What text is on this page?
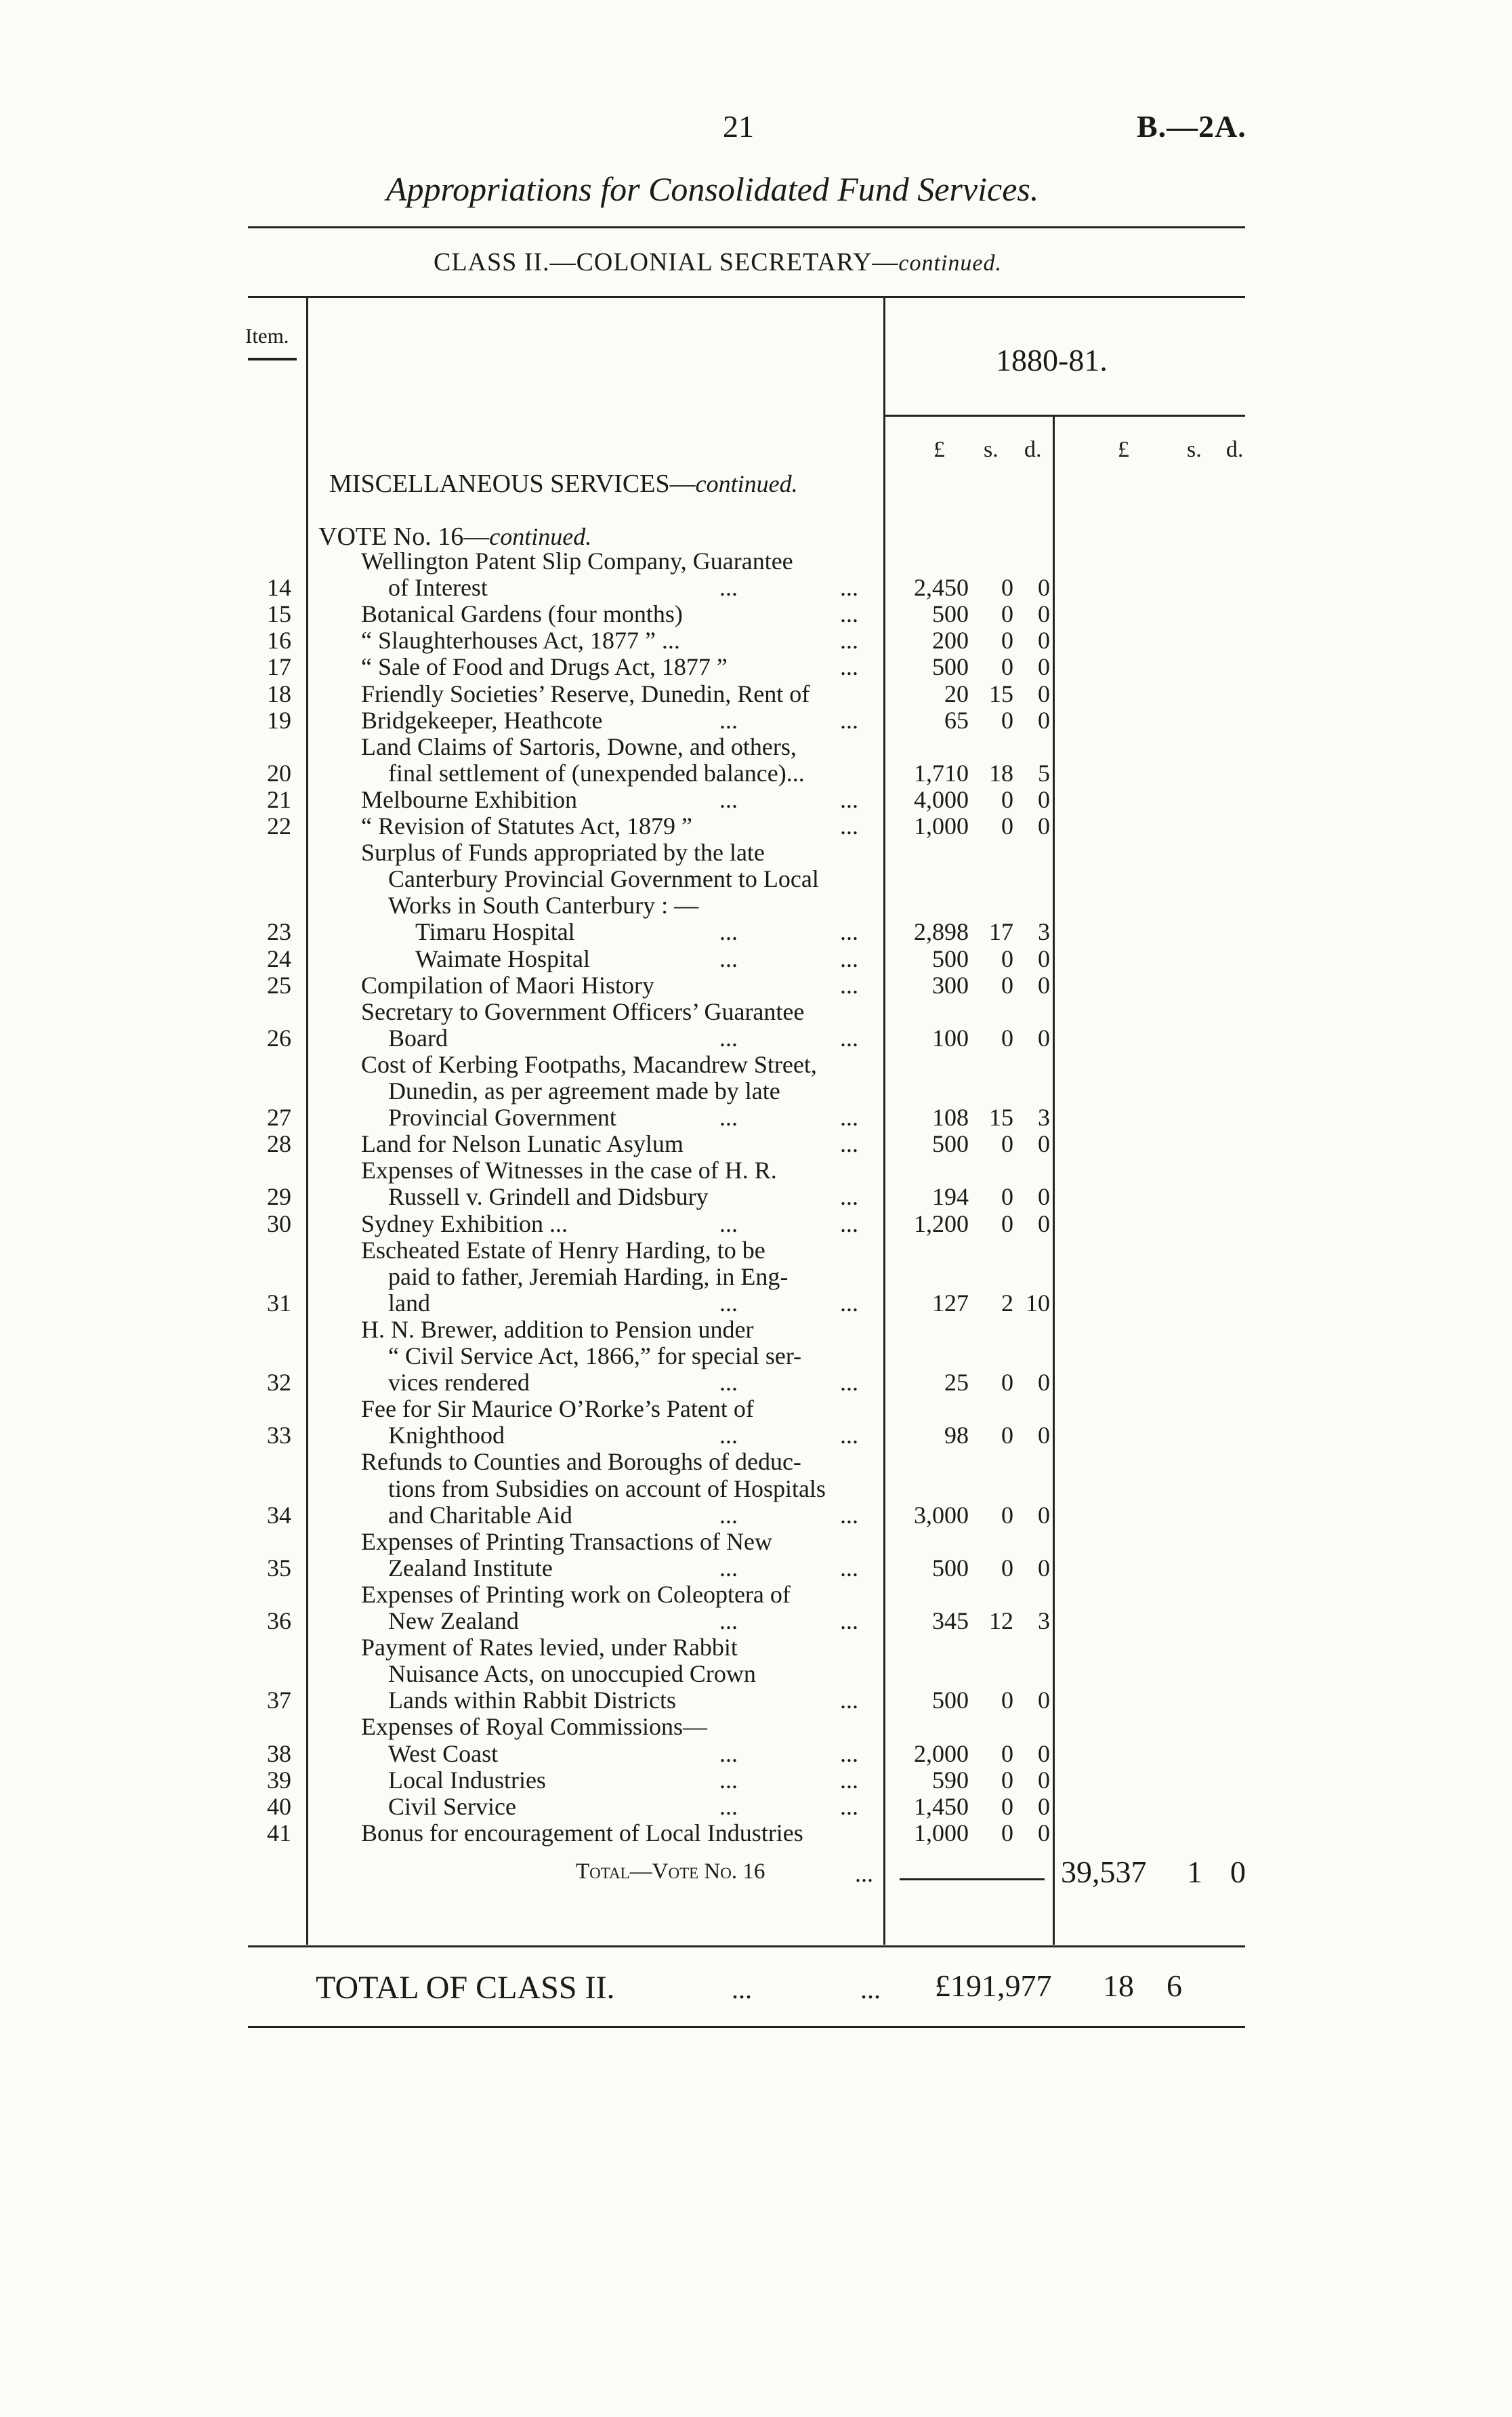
21	B.—2A.
Appropriations for Consolidated Fund Services.
CLASS II.—COLONIAL SECRETARY—continued.
Item.
1880-81.
£ s. d.	£	s. d.
MISCELLANEOUS SERVICES—continued.
VOTE No. 16—continued.
Wellington Patent Slip Company, Guarantee
of Interest
14	...	...	2,450	0	0
Botanical Gardens (four months)
15	...	500	0	0
“ Slaughterhouses Act, 1877 ” ...
16	...	200	0	0
“ Sale of Food and Drugs Act, 1877 ”
17	...	500	0	0
Friendly Societies’ Reserve, Dunedin, Rent of
18	20 15	0
Bridgekeeper, Heathcote
19	...	...	65	0	0
Land Claims of Sartoris, Downe, and others,
final settlement of (unexpended balance)...
20	1,710 18	5
Melbourne Exhibition
21	...	...	4,000	0	0
“ Revision of Statutes Act, 1879 ”
22	...	1,000	0	0
Surplus of Funds appropriated by the late
Canterbury Provincial Government to Local
Works in South Canterbury : —
Timaru Hospital
23	...	...	2,898 17	3
Waimate Hospital
24	...	...	500	0	0
Compilation of Maori History
25	...	300	0	0
Secretary to Government Officers’ Guarantee
Board
26	...	...	100	0	0
Cost of Kerbing Footpaths, Macandrew Street,
Dunedin, as per agreement made by late
Provincial Government
27	...	...	108 15	3
Land for Nelson Lunatic Asylum
28	...	500	0	0
Expenses of Witnesses in the case of H. R.
Russell v. Grindell and Didsbury
29	...	194	0	0
Sydney Exhibition ...
30	...	...	1,200	0	0
Escheated Estate of Henry Harding, to be
paid to father, Jeremiah Harding, in Eng-
land
31	...	...	127	2 10
H. N. Brewer, addition to Pension under
“ Civil Service Act, 1866,” for special ser-
vices rendered
32	...	...	25	0	0
Fee for Sir Maurice O’Rorke’s Patent of
Knighthood
33	...	...	98	0	0
Refunds to Counties and Boroughs of deduc-
tions from Subsidies on account of Hospitals
and Charitable Aid
34	...	...	3,000	0	0
Expenses of Printing Transactions of New
Zealand Institute
35	...	...	500	0	0
Expenses of Printing work on Coleoptera of
New Zealand
36	...	...	345 12	3
Payment of Rates levied, under Rabbit
Nuisance Acts, on unoccupied Crown
Lands within Rabbit Districts
37	...	500	0	0
Expenses of Royal Commissions—
West Coast
38	...	...	2,000	0	0
Local Industries
39	...	...	590	0	0
Civil Service
40	...	...	1,450	0	0
Bonus for encouragement of Local Industries
41	1,000	0	0
Total—Vote No. 16	...	39,537 1 0
TOTAL OF CLASS II.	...	... £191,977 18 6
